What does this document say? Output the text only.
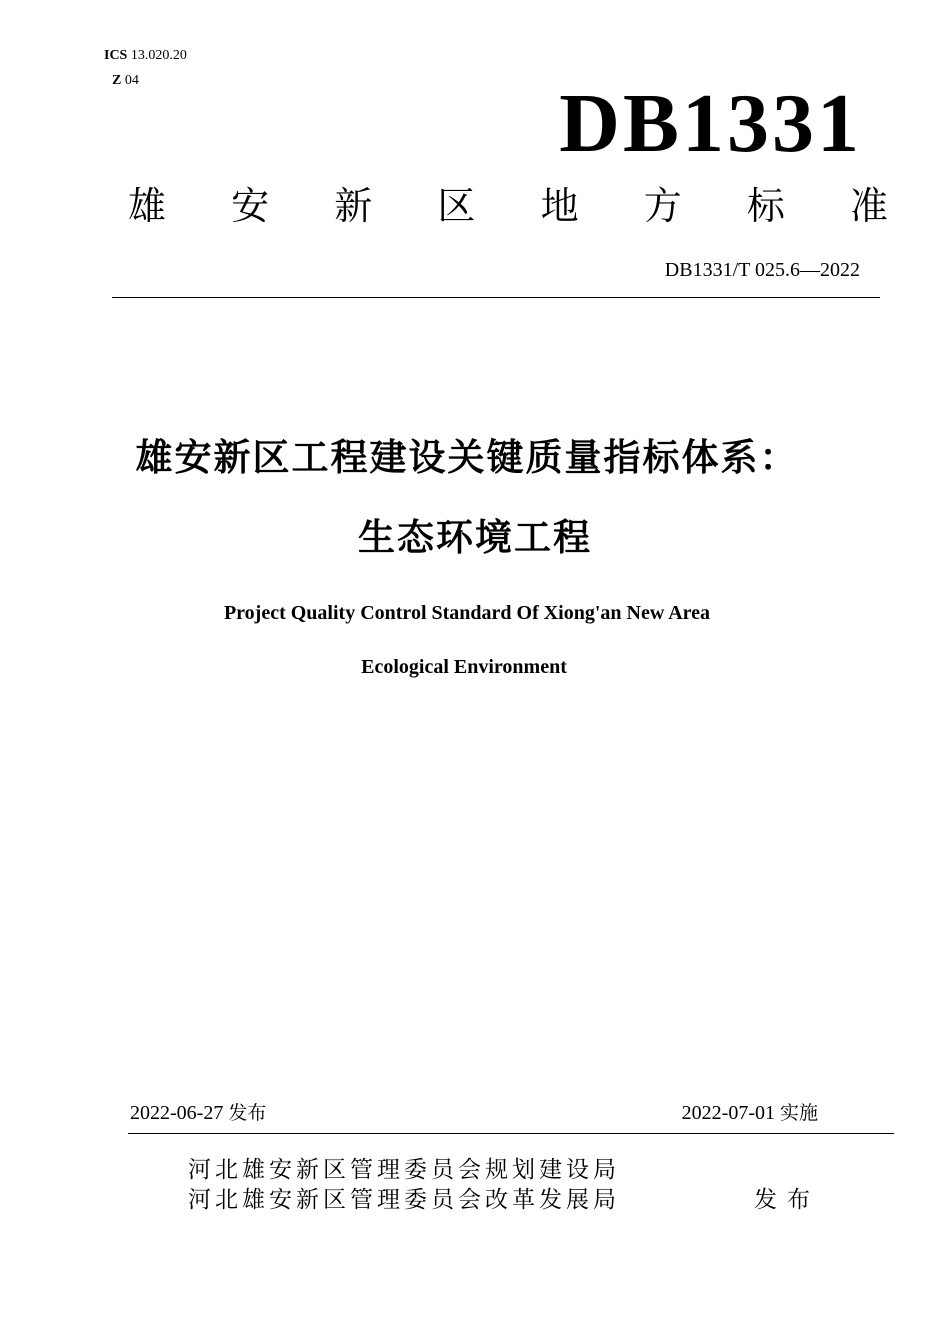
ICS 13.020.20
Z 04	DB1331
雄 安 新 区 地 方 标 准
DB1331/T 025.6—2022
雄安新区工程建设关键质量指标体系：
生态环境工程
Project Quality Control Standard Of Xiong'an New Area
Ecological Environment
2022-06-27 发布	2022-07-01 实施
河北雄安新区管理委员会规划建设局
河北雄安新区管理委员会改革发展局	发布
